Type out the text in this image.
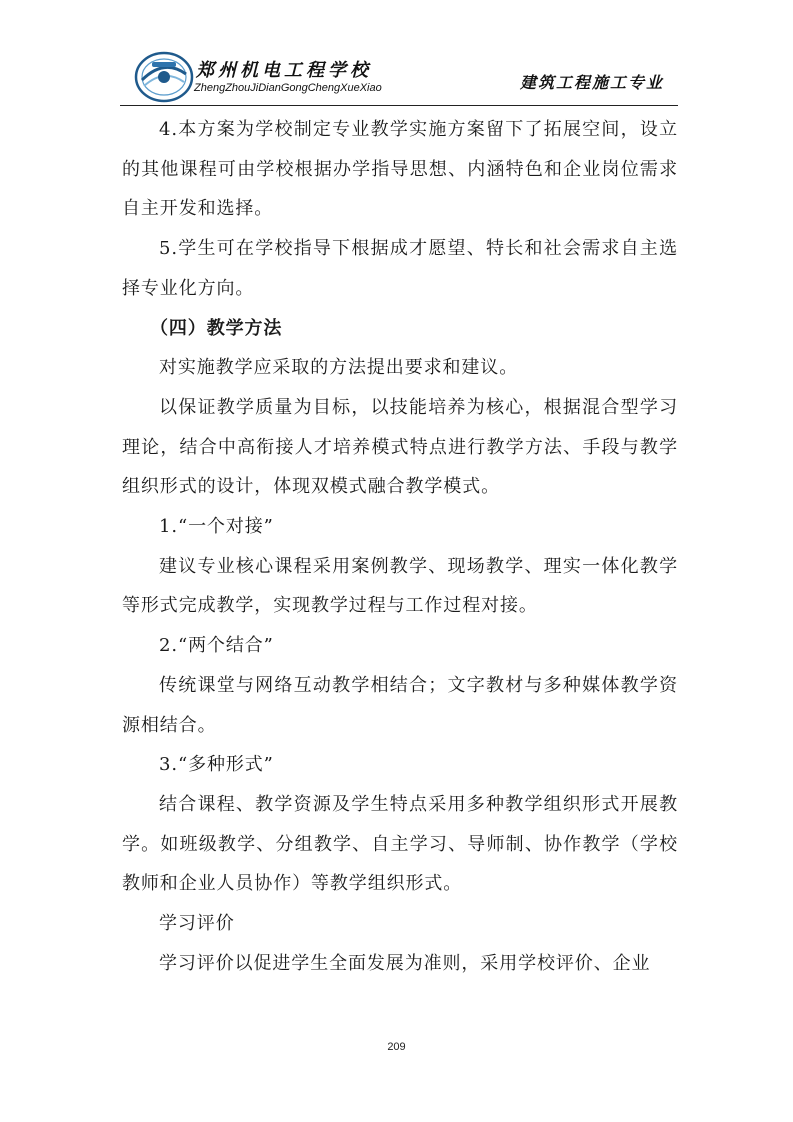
郑州机电工程学校
ZhengZhouJiDianGongChengXueXiao	建筑工程施工专业

4.本方案为学校制定专业教学实施方案留下了拓展空间，设立的其他课程可由学校根据办学指导思想、内涵特色和企业岗位需求自主开发和选择。

5.学生可在学校指导下根据成才愿望、特长和社会需求自主选择专业化方向。

（四）教学方法

对实施教学应采取的方法提出要求和建议。

以保证教学质量为目标，以技能培养为核心，根据混合型学习理论，结合中高衔接人才培养模式特点进行教学方法、手段与教学组织形式的设计，体现双模式融合教学模式。

1.“一个对接”

建议专业核心课程采用案例教学、现场教学、理实一体化教学等形式完成教学，实现教学过程与工作过程对接。

2.“两个结合”

传统课堂与网络互动教学相结合；文字教材与多种媒体教学资源相结合。

3.“多种形式”

结合课程、教学资源及学生特点采用多种教学组织形式开展教学。如班级教学、分组教学、自主学习、导师制、协作教学（学校教师和企业人员协作）等教学组织形式。

学习评价

学习评价以促进学生全面发展为准则，采用学校评价、企业

209
